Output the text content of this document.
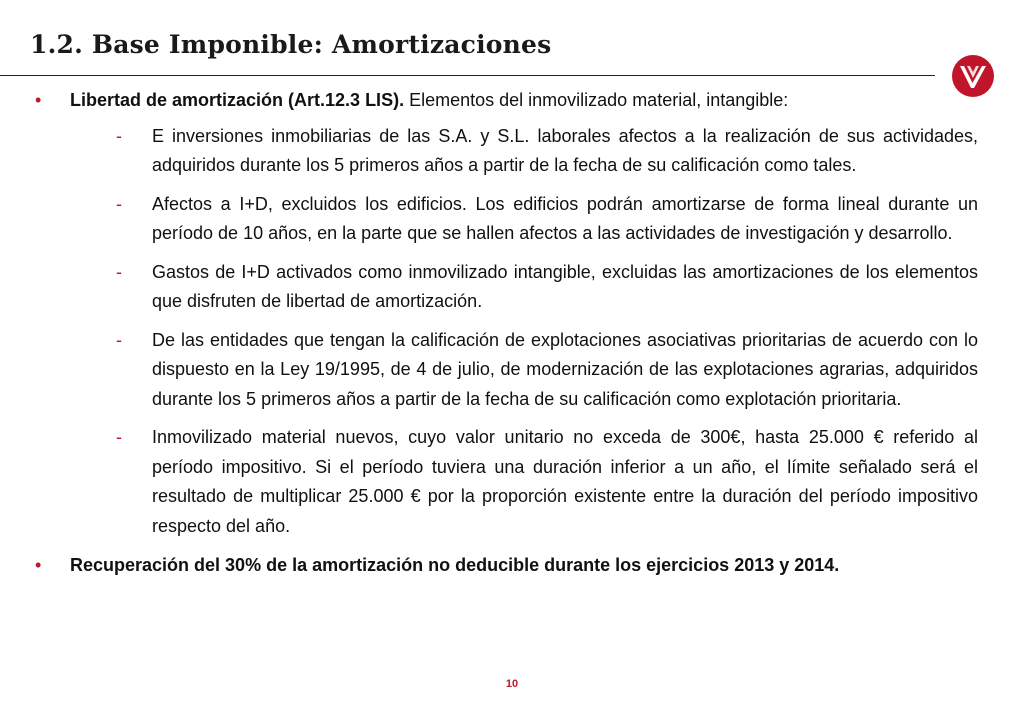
1.2. Base Imponible: Amortizaciones
• Libertad de amortización (Art.12.3 LIS). Elementos del inmovilizado material, intangible:
- E inversiones inmobiliarias de las S.A. y S.L. laborales afectos a la realización de sus actividades, adquiridos durante los 5 primeros años a partir de la fecha de su calificación como tales.
- Afectos a I+D, excluidos los edificios. Los edificios podrán amortizarse de forma lineal durante un período de 10 años, en la parte que se hallen afectos a las actividades de investigación y desarrollo.
- Gastos de I+D activados como inmovilizado intangible, excluidas las amortizaciones de los elementos que disfruten de libertad de amortización.
- De las entidades que tengan la calificación de explotaciones asociativas prioritarias de acuerdo con lo dispuesto en la Ley 19/1995, de 4 de julio, de modernización de las explotaciones agrarias, adquiridos durante los 5 primeros años a partir de la fecha de su calificación como explotación prioritaria.
- Inmovilizado material nuevos, cuyo valor unitario no exceda de 300€, hasta 25.000 € referido al período impositivo. Si el período tuviera una duración inferior a un año, el límite señalado será el resultado de multiplicar 25.000 € por la proporción existente entre la duración del período impositivo respecto del año.
• Recuperación del 30% de la amortización no deducible durante los ejercicios 2013 y 2014.
10
